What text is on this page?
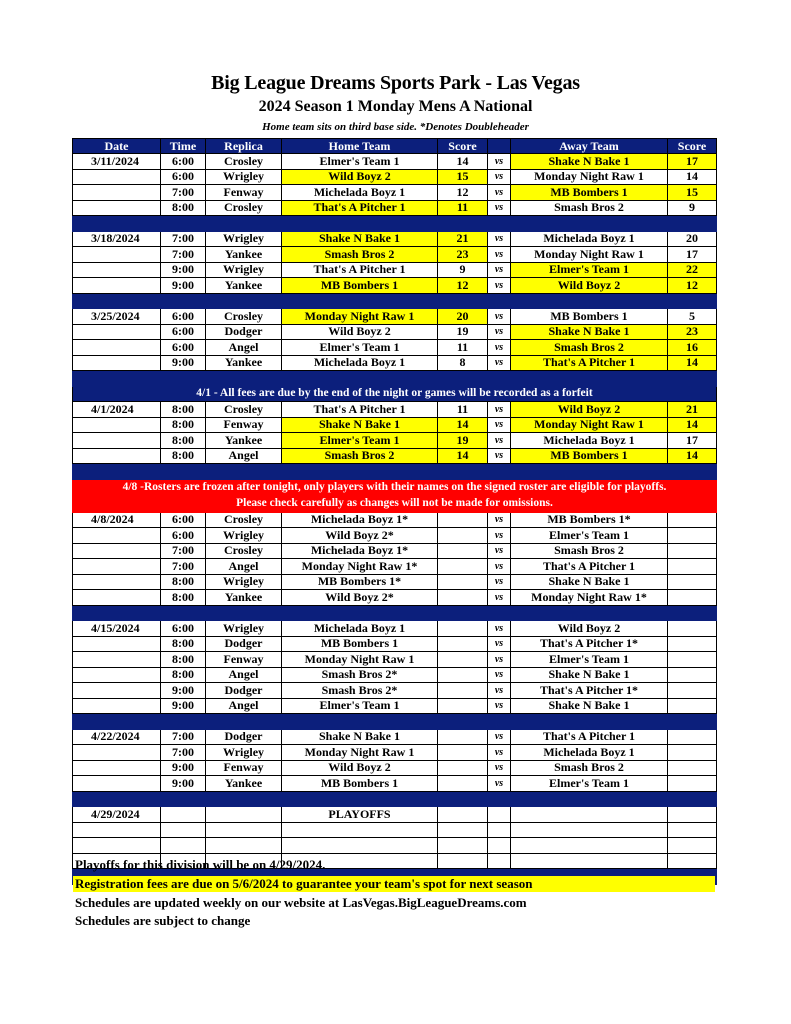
Big League Dreams Sports Park - Las Vegas
2024 Season 1 Monday Mens A National
Home team sits on third base side. *Denotes Doubleheader
Date	Time	Replica	Home Team	Score		Away Team	Score
3/11/2024	6:00	Crosley	Elmer's Team 1	14	vs	Shake N Bake 1	17
	6:00	Wrigley	Wild Boyz 2	15	vs	Monday Night Raw 1	14
	7:00	Fenway	Michelada Boyz 1	12	vs	MB Bombers 1	15
	8:00	Crosley	That's A Pitcher 1	11	vs	Smash Bros 2	9

3/18/2024	7:00	Wrigley	Shake N Bake 1	21	vs	Michelada Boyz 1	20
	7:00	Yankee	Smash Bros 2	23	vs	Monday Night Raw 1	17
	9:00	Wrigley	That's A Pitcher 1	9	vs	Elmer's Team 1	22
	9:00	Yankee	MB Bombers 1	12	vs	Wild Boyz 2	12

3/25/2024	6:00	Crosley	Monday Night Raw 1	20	vs	MB Bombers 1	5
	6:00	Dodger	Wild Boyz 2	19	vs	Shake N Bake 1	23
	6:00	Angel	Elmer's Team 1	11	vs	Smash Bros 2	16
	9:00	Yankee	Michelada Boyz 1	8	vs	That's A Pitcher 1	14

4/1 - All fees are due by the end of the night or games will be recorded as a forfeit							
4/1/2024	8:00	Crosley	That's A Pitcher 1	11	vs	Wild Boyz 2	21
	8:00	Fenway	Shake N Bake 1	14	vs	Monday Night Raw 1	14
	8:00	Yankee	Elmer's Team 1	19	vs	Michelada Boyz 1	17
	8:00	Angel	Smash Bros 2	14	vs	MB Bombers 1	14

4/8 -Rosters are frozen after tonight, only players with their names on the signed roster are eligible for playoffs.							
Please check carefully as changes will not be made for omissions.							
4/8/2024	6:00	Crosley	Michelada Boyz 1*		vs	MB Bombers 1*	
	6:00	Wrigley	Wild Boyz 2*		vs	Elmer's Team 1	
	7:00	Crosley	Michelada Boyz 1*		vs	Smash Bros 2	
	7:00	Angel	Monday Night Raw 1*		vs	That's A Pitcher 1	
	8:00	Wrigley	MB Bombers 1*		vs	Shake N Bake 1	
	8:00	Yankee	Wild Boyz 2*		vs	Monday Night Raw 1*	

4/15/2024	6:00	Wrigley	Michelada Boyz 1		vs	Wild Boyz 2	
	8:00	Dodger	MB Bombers 1		vs	That's A Pitcher 1*	
	8:00	Fenway	Monday Night Raw 1		vs	Elmer's Team 1	
	8:00	Angel	Smash Bros 2*		vs	Shake N Bake 1	
	9:00	Dodger	Smash Bros 2*		vs	That's A Pitcher 1*	
	9:00	Angel	Elmer's Team 1		vs	Shake N Bake 1	

4/22/2024	7:00	Dodger	Shake N Bake 1		vs	That's A Pitcher 1	
	7:00	Wrigley	Monday Night Raw 1		vs	Michelada Boyz 1	
	9:00	Fenway	Wild Boyz 2		vs	Smash Bros 2	
	9:00	Yankee	MB Bombers 1		vs	Elmer's Team 1	

4/29/2024			PLAYOFFS				

Playoffs for this division will be on 4/29/2024.
Registration fees are due on 5/6/2024 to guarantee your team's spot for next season
Schedules are updated weekly on our website at LasVegas.BigLeagueDreams.com
Schedules are subject to change
